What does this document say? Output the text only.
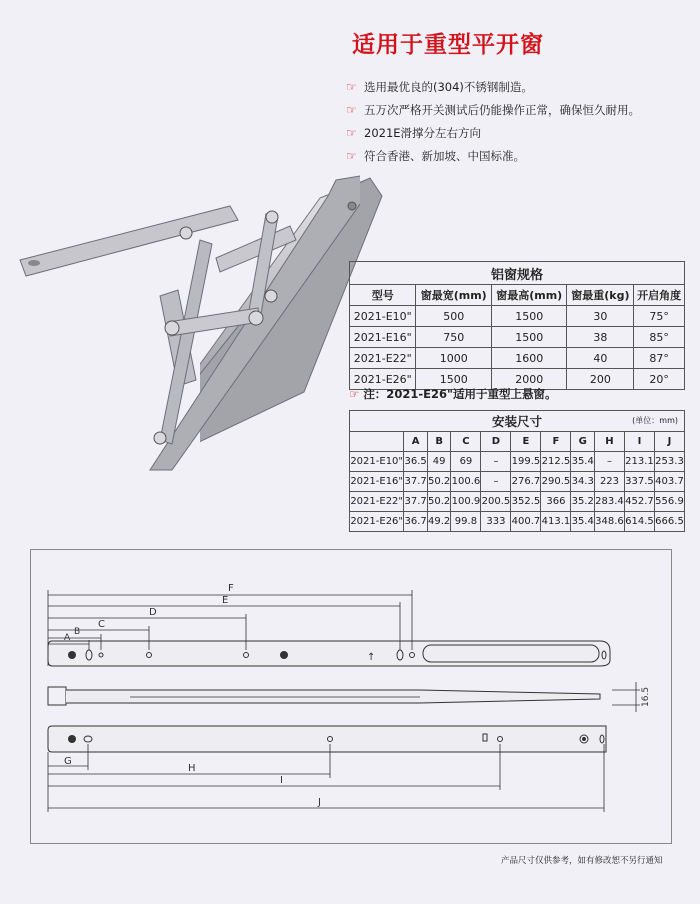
适用于重型平开窗
☞ 选用最优良的(304)不锈钢制造。
☞ 五万次严格开关测试后仍能操作正常，确保恒久耐用。
☞ 2021E滑撑分左右方向
☞ 符合香港、新加坡、中国标准。
铝窗规格				
型号	窗最宽(mm)	窗最高(mm)	窗最重(kg)	开启角度
2021-E10"	500	1500	30	75°
2021-E16"	750	1500	38	85°
2021-E22"	1000	1600	40	87°
2021-E26"	1500	2000	200	20°
☞ 注：2021-E26"适用于重型上悬窗。
安装尺寸 (单位：mm)										

	A	B	C	D	E	F	G	H	I	J
2021-E10"	36.5	49	69	–	199.5	212.5	35.4	–	213.1	253.3
2021-E16"	37.7	50.2	100.6	–	276.7	290.5	34.3	223	337.5	403.7
2021-E22"	37.7	50.2	100.9	200.5	352.5	366	35.2	283.4	452.7	556.9
2021-E26"	36.7	49.2	99.8	333	400.7	413.1	35.4	348.6	614.5	666.5
↑
F
E
D
C
B
A
16.5
G
H
I
J
产品尺寸仅供参考，如有修改恕不另行通知
